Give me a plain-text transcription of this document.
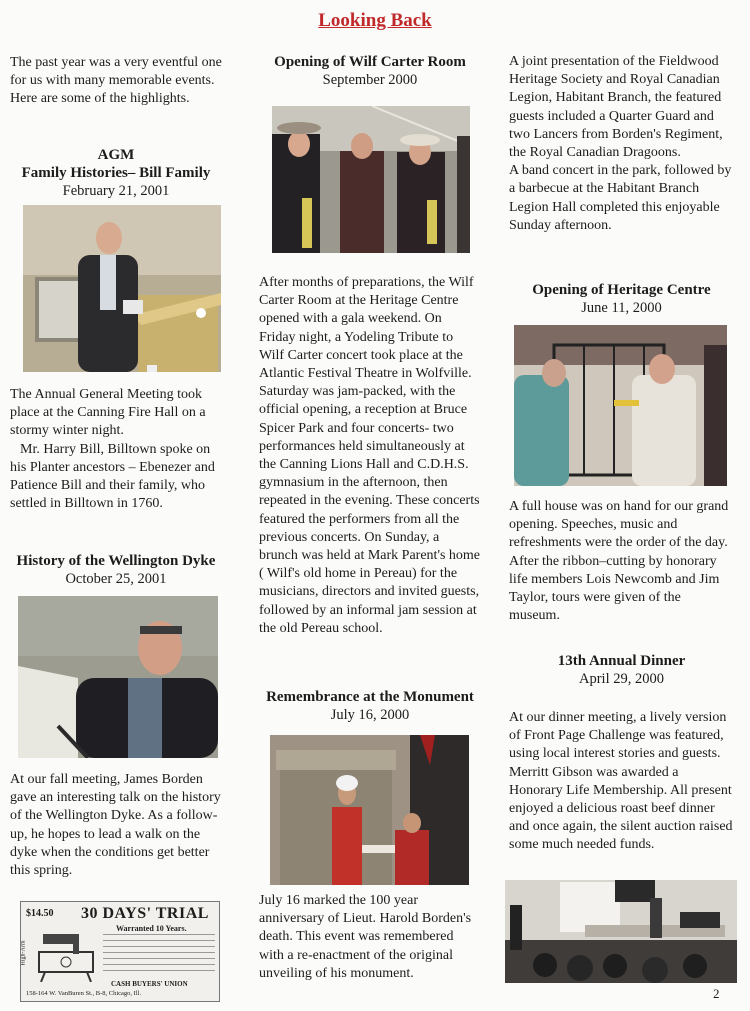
Looking Back

The past year was a very eventful one for us with many memorable events. Here are some of the highlights.

AGM
Family Histories– Bill Family
February 21, 2001

The Annual General Meeting took place at the Canning Fire Hall on a stormy winter night.

Mr. Harry Bill, Billtown spoke on his Planter ancestors – Ebenezer and Patience Bill and their family, who settled in Billtown in 1760.

History of the Wellington Dyke
October 25, 2001

At our fall meeting, James Borden gave an interesting talk on the history of the Wellington Dyke. As a follow-up, he hopes to lead a walk on the dyke when the conditions get better this spring.

$14.50 30 DAYS' TRIAL
Warranted 10 Years.
CASH BUYERS' UNION
158-164 W. VanBuren St., B-8, Chicago, Ill.
High-Arm
Opening of Wilf Carter Room
September 2000

After months of preparations, the Wilf Carter Room at the Heritage Centre opened with a gala weekend. On Friday night, a Yodeling Tribute to Wilf Carter concert took place at the Atlantic Festival Theatre in Wolfville. Saturday was jam-packed, with the official opening, a reception at Bruce Spicer Park and four concerts- two performances held simultaneously at the Canning Lions Hall and C.D.H.S. gymnasium in the afternoon, then repeated in the evening. These concerts featured the performers from all the previous concerts. On Sunday, a brunch was held at Mark Parent's home ( Wilf's old home in Pereau) for the musicians, directors and invited guests, followed by an informal jam session at the old Pereau school.

Remembrance at the Monument
July 16, 2000

July 16 marked the 100 year anniversary of Lieut. Harold Borden's death. This event was remembered with a re-enactment of the original unveiling of his monument.

A joint presentation of the Fieldwood Heritage Society and Royal Canadian Legion, Habitant Branch, the featured guests included a Quarter Guard and two Lancers from Borden's Regiment, the Royal Canadian Dragoons.

A band concert in the park, followed by a barbecue at the Habitant Branch Legion Hall completed this enjoyable Sunday afternoon.

Opening of Heritage Centre
June 11, 2000

A full house was on hand for our grand opening. Speeches, music and refreshments were the order of the day. After the ribbon–cutting by honorary life members Lois Newcomb and Jim Taylor, tours were given of the museum.

13th Annual Dinner
April 29, 2000

At our dinner meeting, a lively version of Front Page Challenge was featured, using local interest stories and guests. Merritt Gibson was awarded a Honorary Life Membership. All present enjoyed a delicious roast beef dinner and once again, the silent auction raised some much needed funds.

2
